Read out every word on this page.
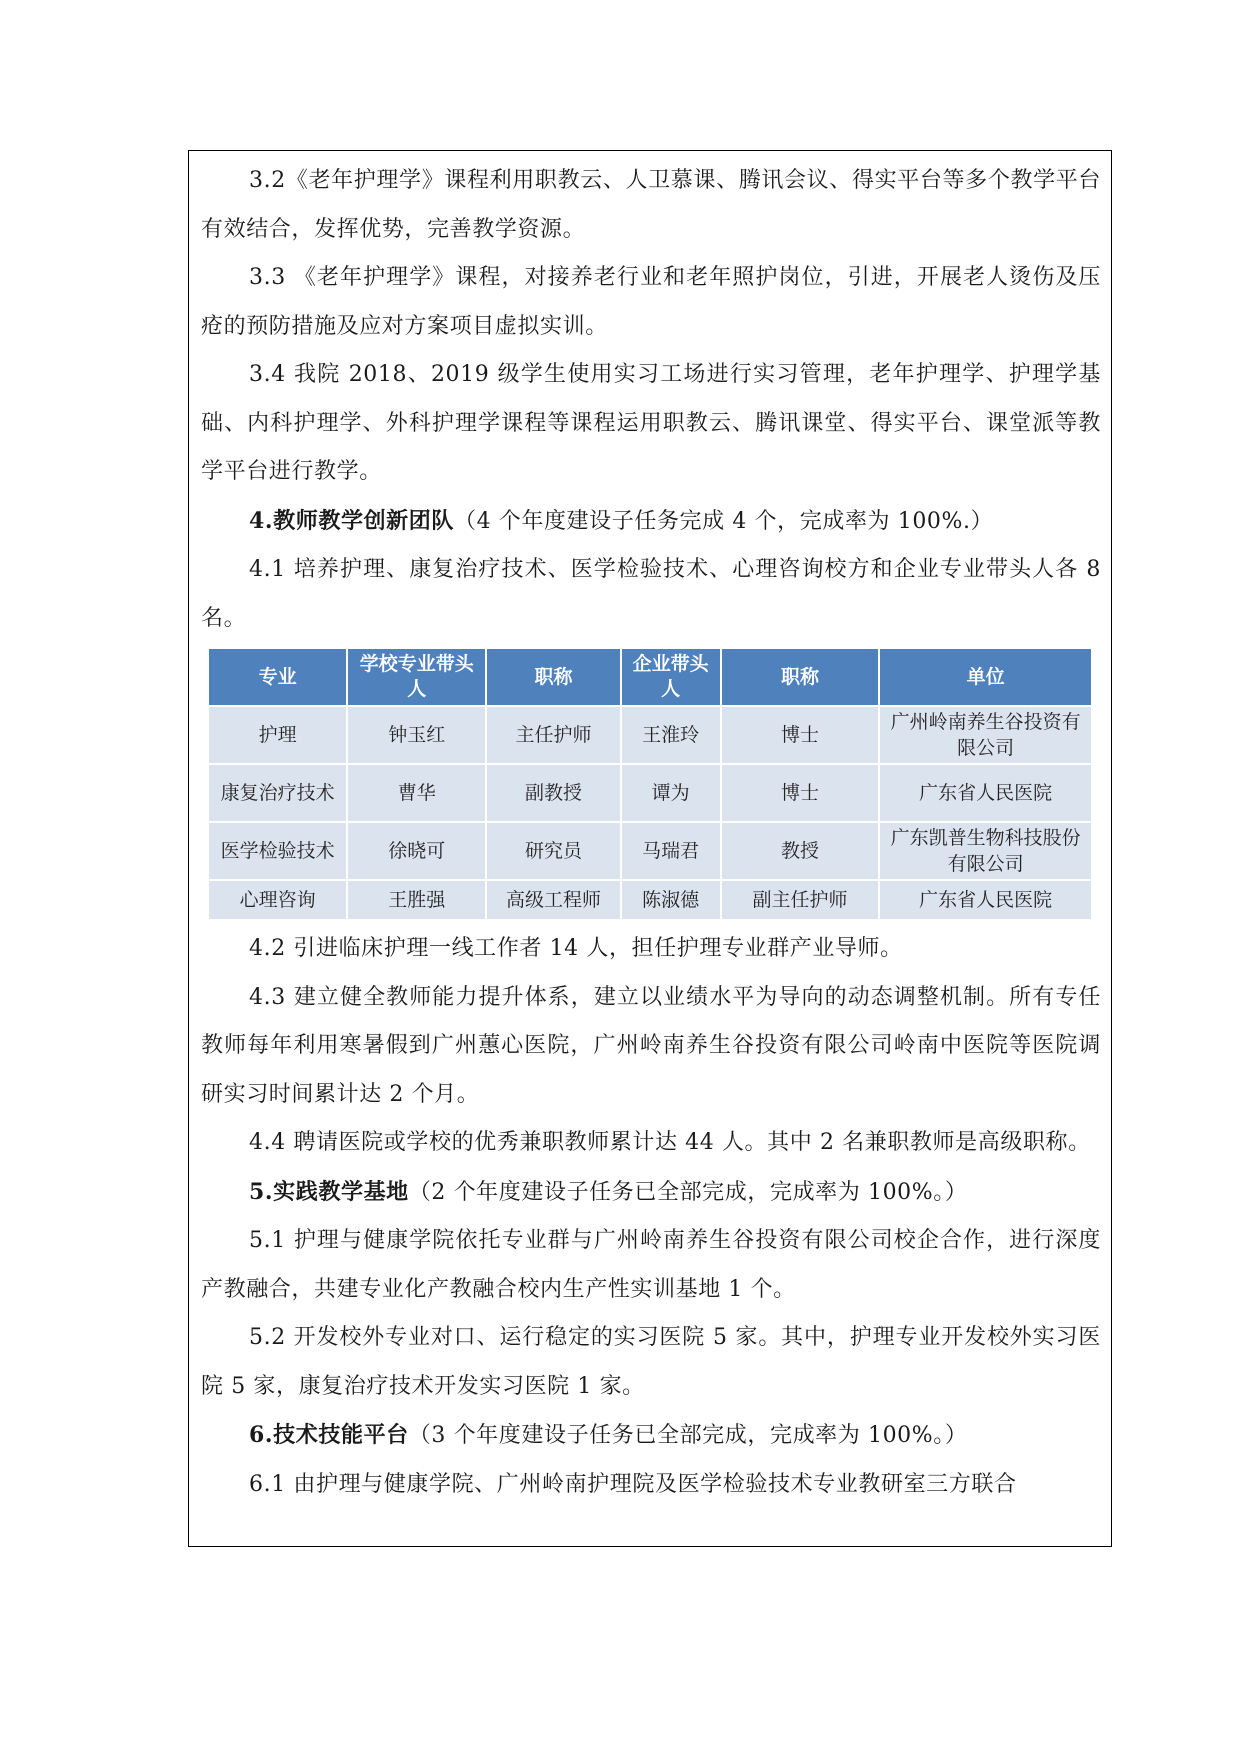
3.2《老年护理学》课程利用职教云、人卫慕课、腾讯会议、得实平台等多个教学平台有效结合，发挥优势，完善教学资源。

3.3 《老年护理学》课程，对接养老行业和老年照护岗位，引进，开展老人烫伤及压疮的预防措施及应对方案项目虚拟实训。

3.4 我院 2018、2019 级学生使用实习工场进行实习管理，老年护理学、护理学基础、内科护理学、外科护理学课程等课程运用职教云、腾讯课堂、得实平台、课堂派等教学平台进行教学。

4.教师教学创新团队（4 个年度建设子任务完成 4 个，完成率为 100%.）

4.1 培养护理、康复治疗技术、医学检验技术、心理咨询校方和企业专业带头人各 8 名。

专业	学校专业带头人	职称	企业带头人	职称	单位
护理	钟玉红	主任护师	王淮玲	博士	广州岭南养生谷投资有限公司
康复治疗技术	曹华	副教授	谭为	博士	广东省人民医院
医学检验技术	徐晓可	研究员	马瑞君	教授	广东凯普生物科技股份有限公司
心理咨询	王胜强	高级工程师	陈淑德	副主任护师	广东省人民医院

4.2 引进临床护理一线工作者 14 人，担任护理专业群产业导师。

4.3 建立健全教师能力提升体系，建立以业绩水平为导向的动态调整机制。所有专任教师每年利用寒暑假到广州蕙心医院，广州岭南养生谷投资有限公司岭南中医院等医院调研实习时间累计达 2 个月。

4.4 聘请医院或学校的优秀兼职教师累计达 44 人。其中 2 名兼职教师是高级职称。

5.实践教学基地（2 个年度建设子任务已全部完成，完成率为 100%。）

5.1 护理与健康学院依托专业群与广州岭南养生谷投资有限公司校企合作，进行深度产教融合，共建专业化产教融合校内生产性实训基地 1 个。

5.2 开发校外专业对口、运行稳定的实习医院 5 家。其中，护理专业开发校外实习医院 5 家，康复治疗技术开发实习医院 1 家。

6.技术技能平台（3 个年度建设子任务已全部完成，完成率为 100%。）

6.1 由护理与健康学院、广州岭南护理院及医学检验技术专业教研室三方联合
